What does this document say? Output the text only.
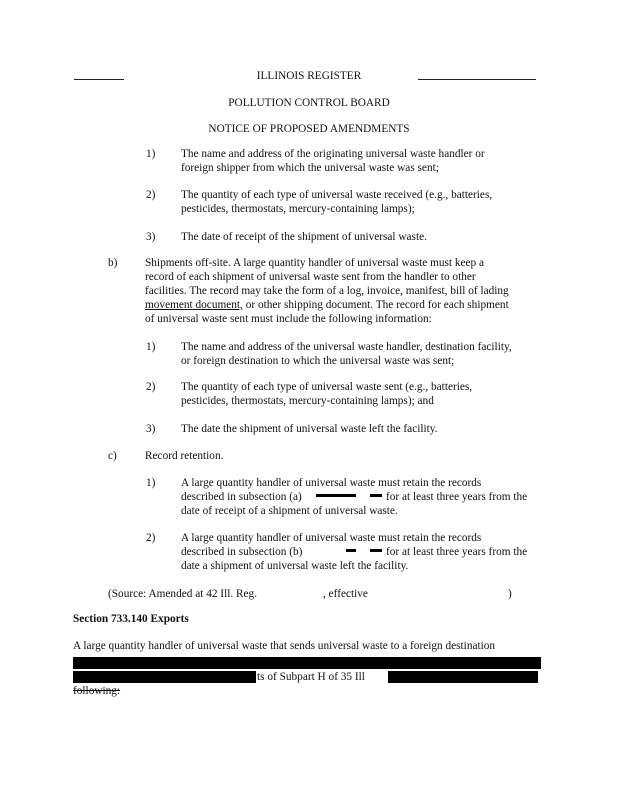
ILLINOIS REGISTER
POLLUTION CONTROL BOARD
NOTICE OF PROPOSED AMENDMENTS
1) The name and address of the originating universal waste handler or
foreign shipper from which the universal waste was sent;
2) The quantity of each type of universal waste received (e.g., batteries,
pesticides, thermostats, mercury-containing lamps);
3) The date of receipt of the shipment of universal waste.
b) Shipments off-site. A large quantity handler of universal waste must keep a
record of each shipment of universal waste sent from the handler to other
facilities. The record may take the form of a log, invoice, manifest, bill of lading
movement document, or other shipping document. The record for each shipment
of universal waste sent must include the following information:
1) The name and address of the universal waste handler, destination facility,
or foreign destination to which the universal waste was sent;
2) The quantity of each type of universal waste sent (e.g., batteries,
pesticides, thermostats, mercury-containing lamps); and
3) The date the shipment of universal waste left the facility.
c) Record retention.
1) A large quantity handler of universal waste must retain the records
described in subsection (a)	for at least three years from the
date of receipt of a shipment of universal waste.
2) A large quantity handler of universal waste must retain the records
described in subsection (b)	for at least three years from the
date a shipment of universal waste left the facility.
(Source: Amended at 42 Ill. Reg.	, effective	)
Section 733.140 Exports
A large quantity handler of universal waste that sends universal waste to a foreign destination
ts of Subpart H of 35 Ill
following:
